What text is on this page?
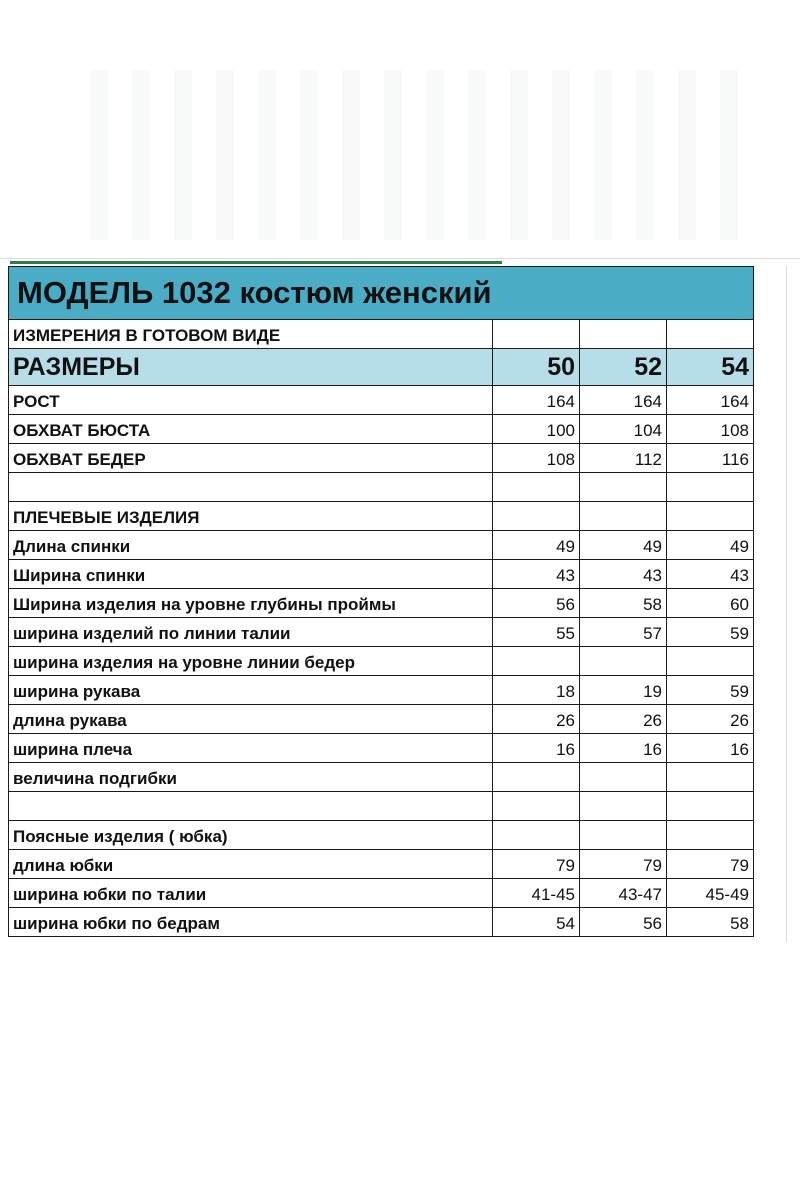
МОДЕЛЬ 1032 костюм женский			
ИЗМЕРЕНИЯ В ГОТОВОМ ВИДЕ			
РАЗМЕРЫ	50	52	54
РОСТ	164	164	164
ОБХВАТ БЮСТА	100	104	108
ОБХВАТ БЕДЕР	108	112	116

ПЛЕЧЕВЫЕ ИЗДЕЛИЯ			
Длина спинки	49	49	49
Ширина спинки	43	43	43
Ширина изделия на уровне глубины проймы	56	58	60
ширина изделий по линии талии	55	57	59
ширина изделия на уровне линии бедер			
ширина рукава	18	19	59
длина рукава	26	26	26
ширина плеча	16	16	16
величина подгибки			

Поясные изделия ( юбка)			
длина юбки	79	79	79
ширина юбки по талии	41-45	43-47	45-49
ширина юбки по бедрам	54	56	58
